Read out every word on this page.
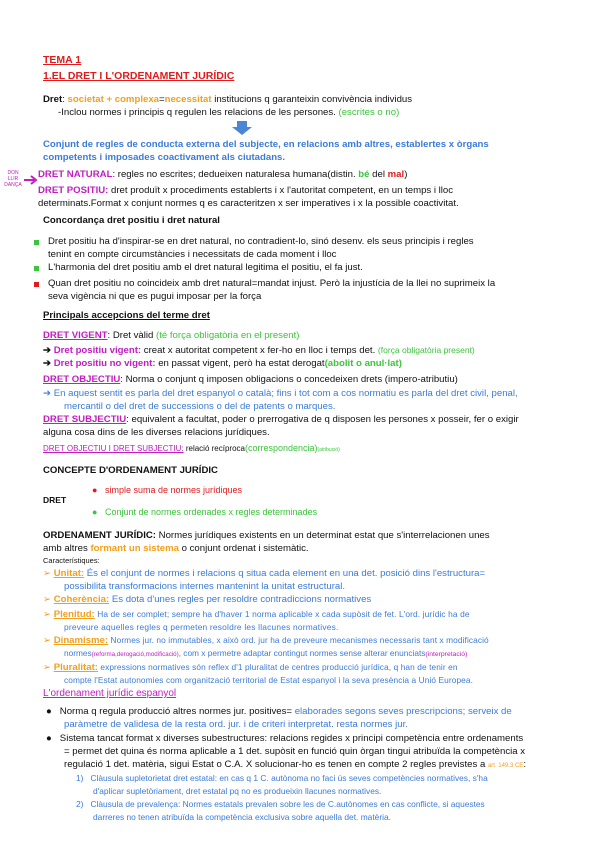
TEMA 1
1.EL DRET I L'ORDENAMENT JURÍDIC
Dret: societat + complexa=necessitat institucions q garanteixin convivència individus
-Inclou normes i principis q regulen les relacions de les persones. (escrites o no)
Conjunt de regles de conducta externa del subjecte, en relacions amb altres, establertes x òrgans
competents i imposades coactivament als ciutadans.
DON
LLIR
DANÇA
DRET NATURAL: regles no escrites; dedueixen naturalesa humana(distin. bé del mal)
DRET POSITIU: dret produït x procediments establerts i x l'autoritat competent, en un temps i lloc
determinats.Format x conjunt normes q es caracteritzen x ser imperatives i x la possible coactivitat.
Concordança dret positiu i dret natural
Dret positiu ha d'inspirar-se en dret natural, no contradient-lo, sinó desenv. els seus principis i regles
tenint en compte circumstàncies i necessitats de cada moment i lloc
L'harmonia del dret positiu amb el dret natural legitima el positiu, el fa just.
Quan dret positiu no coincideix amb dret natural=mandat injust. Però la injustícia de la llei no suprimeix la
seva vigència ni que es pugui imposar per la força
Principals accepcions del terme dret
DRET VIGENT: Dret vàlid (té força obligatòria en el present)
➔ Dret positiu vigent: creat x autoritat competent x fer-ho en lloc i temps det. (força obligatòria present)
➔ Dret positiu no vigent: en passat vigent, però ha estat derogat(abolit o anul·lat)
DRET OBJECTIU: Norma o conjunt q imposen obligacions o concedeixen drets (impero-atributiu)
➔ En aquest sentit es parla del dret espanyol o català; fins i tot com a cos normatiu es parla del dret civil, penal,
mercantil o del dret de successions o del de patents o marques.
DRET SUBJECTIU: equivalent a facultat, poder o prerrogativa de q disposen les persones x posseir, fer o exigir
alguna cosa dins de les diverses relacions jurídiques.
DRET OBJECTIU I DRET SUBJECTIU: relació recíproca(correspondencia)(atribució)
CONCEPTE D'ORDENAMENT JURÍDIC
● simple suma de normes jurídiques
DRET
● Conjunt de normes ordenades x regles determinades
ORDENAMENT JURÍDIC: Normes jurídiques existents en un determinat estat que s'interrelacionen unes
amb altres formant un sistema o conjunt ordenat i sistemàtic.
Característiques:
➢ Unitat: És el conjunt de normes i relacions q situa cada element en una det. posició dins l'estructura=
possibilita transformacions internes mantenint la unitat estructural.
➢ Coherència: Es dota d'unes regles per resoldre contradiccions normatives
➢ Plenitud: Ha de ser complet; sempre ha d'haver 1 norma aplicable x cada supòsit de fet. L'ord. jurídic ha de
preveure aquelles regles q permeten resoldre les llacunes normatives.
➢ Dinamisme: Normes jur. no immutables, x això ord. jur ha de preveure mecanismes necessaris tant x modificació
normes(reforma,derogació,modificació), com x permetre adaptar contingut normes sense alterar enunciats(interpretació)
➢ Pluralitat: expressions normatives són reflex d'1 pluralitat de centres producció jurídica, q han de tenir en
compte l'Estat autonomies com organització territorial de Estat espanyol i la seva presència a Unió Europea.
L'ordenament jurídic espanyol
● Norma q regula producció altres normes jur. positives= elaborades segons seves prescripcions; serveix de
paràmetre de validesa de la resta ord. jur. i de criteri interpretat. resta normes jur.
● Sistema tancat format x diverses subestructures: relacions regides x principi competència entre ordenaments
= permet det quina és norma aplicable a 1 det. supòsit en funció quin òrgan tingui atribuïda la competència x
regulació 1 det. matèria, sigui Estat o C.A. X solucionar-ho es tenen en compte 2 regles previstes a art. 149.3 CE:
1) Clàusula supletorietat dret estatal: en cas q 1 C. autònoma no faci ús seves competències normatives, s'ha
d'aplicar supletòriament, dret estatal pq no es produeixin llacunes normatives.
2) Clàusula de prevalença: Normes estatals prevalen sobre les de C.autònomes en cas conflicte, si aquestes
darreres no tenen atribuïda la competència exclusiva sobre aquella det. matèria.
